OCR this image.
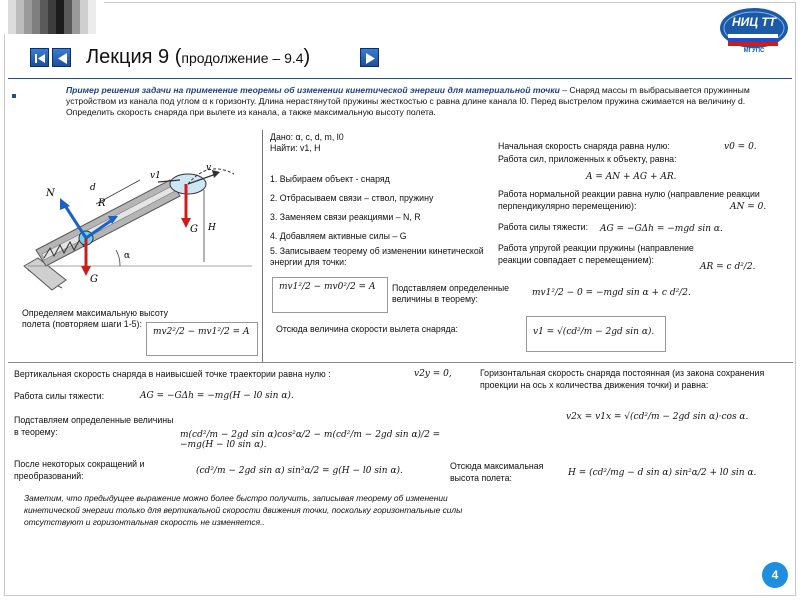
НИЦ ТТ
МГУПС
Лекция 9 (продолжение – 9.4)
Пример решения задачи на применение теоремы об изменении кинетической энергии для материальной точки – Снаряд массы m выбрасывается пружинным устройством из канала под углом α к горизонту. Длина нерастянутой пружины жесткостью c равна длине канала l0. Перед выстрелом пружина сжимается на величину d. Определить скорость снаряда при вылете из канала, а также максимальную высоту полета.
N
R
G
G
d
H
α
v
v1
Дано: α, c, d, m, l0
Найти: v1, H
1. Выбираем объект - снаряд
2. Отбрасываем связи – ствол, пружину
3. Заменяем связи реакциями – N, R
4. Добавляем активные силы – G
5. Записываем теорему об изменении кинетической энергии для точки:
mv1²/2 − mv0²/2 = A
Определяем максимальную высоту полета (повторяем шаги 1-5):
mv2²/2 − mv1²/2 = A
Подставляем определенные величины в теорему:
mv1²/2 − 0 = −mgd sin α + c d²/2.
Отсюда величина скорости вылета снаряда:	v1 = √(cd²/m − 2gd sin α).
Начальная скорость снаряда равна нулю:
Работа сил, приложенных к объекту, равна:
v0 = 0.
A = AN + AG + AR.
Работа нормальной реакции равна нулю (направление реакции перпендикулярно перемещению):	AN = 0.
Работа силы тяжести:	AG = −GΔh = −mgd sin α.
Работа упругой реакции пружины (направление реакции совпадает с перемещением):
AR = c d²/2.
Вертикальная скорость снаряда в наивысшей точке траектории равна нулю :	v2y = 0,
Работа силы тяжести:	AG = −GΔh = −mg(H − l0 sin α).
Подставляем определенные величины в теорему:	m(cd²/m − 2gd sin α)cos²α/2 − m(cd²/m − 2gd sin α)/2 = −mg(H − l0 sin α).
После некоторых сокращений и преобразований:	(cd²/m − 2gd sin α) sin²α/2 = g(H − l0 sin α).
Горизонтальная скорость снаряда постоянная (из закона сохранения проекции на ось x количества движения точки) и равна:
v2x = v1x = √(cd²/m − 2gd sin α)·cos α.
Отсюда максимальная высота полета:	H = (cd²/mg − d sin α) sin²α/2 + l0 sin α.
Заметим, что предыдущее выражение можно более быстро получить, записывая теорему об изменении кинетической энергии только для вертикальной скорости движения точки, поскольку горизонтальные силы отсутствуют и горизонтальная скорость не изменяется..
4
